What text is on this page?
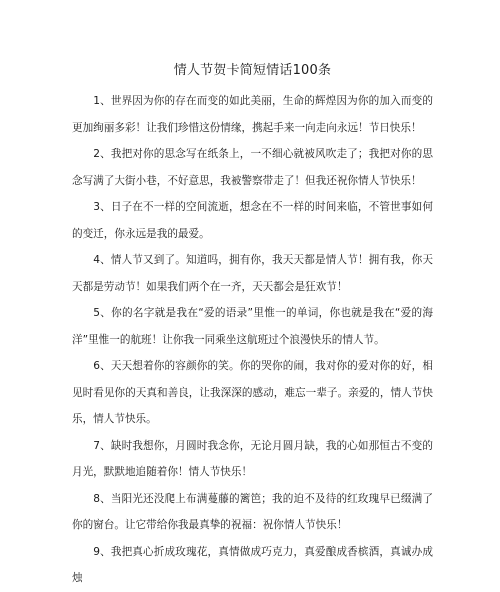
情人节贺卡简短情话100条

1、世界因为你的存在而变的如此美丽，生命的辉煌因为你的加入而变的更加绚丽多彩！让我们珍惜这份情缘，携起手来一向走向永远！节日快乐！

2、我把对你的思念写在纸条上，一不细心就被风吹走了；我把对你的思念写满了大街小巷，不好意思，我被警察带走了！但我还祝你情人节快乐！

3、日子在不一样的空间流逝，想念在不一样的时间来临，不管世事如何的变迁，你永远是我的最爱。

4、情人节又到了。知道吗，拥有你，我天天都是情人节！拥有我，你天天都是劳动节！如果我们两个在一齐，天天都会是狂欢节！

5、你的名字就是我在“爱的语录”里惟一的单词，你也就是我在“爱的海洋”里惟一的航班！让你我一同乘坐这航班过个浪漫快乐的情人节。

6、天天想着你的容颜你的笑。你的哭你的闹，我对你的爱对你的好，相见时看见你的天真和善良，让我深深的感动，难忘一辈子。亲爱的，情人节快乐，情人节快乐。

7、缺时我想你，月圆时我念你，无论月圆月缺，我的心如那恒古不变的月光，默默地追随着你！情人节快乐！

8、当阳光还没爬上布满蔓藤的篱笆；我的迫不及待的红玫瑰早已缀满了你的窗台。让它带给你我最真挚的祝福：祝你情人节快乐！

9、我把真心折成玫瑰花，真情做成巧克力，真爱酿成香槟酒，真诚办成烛
